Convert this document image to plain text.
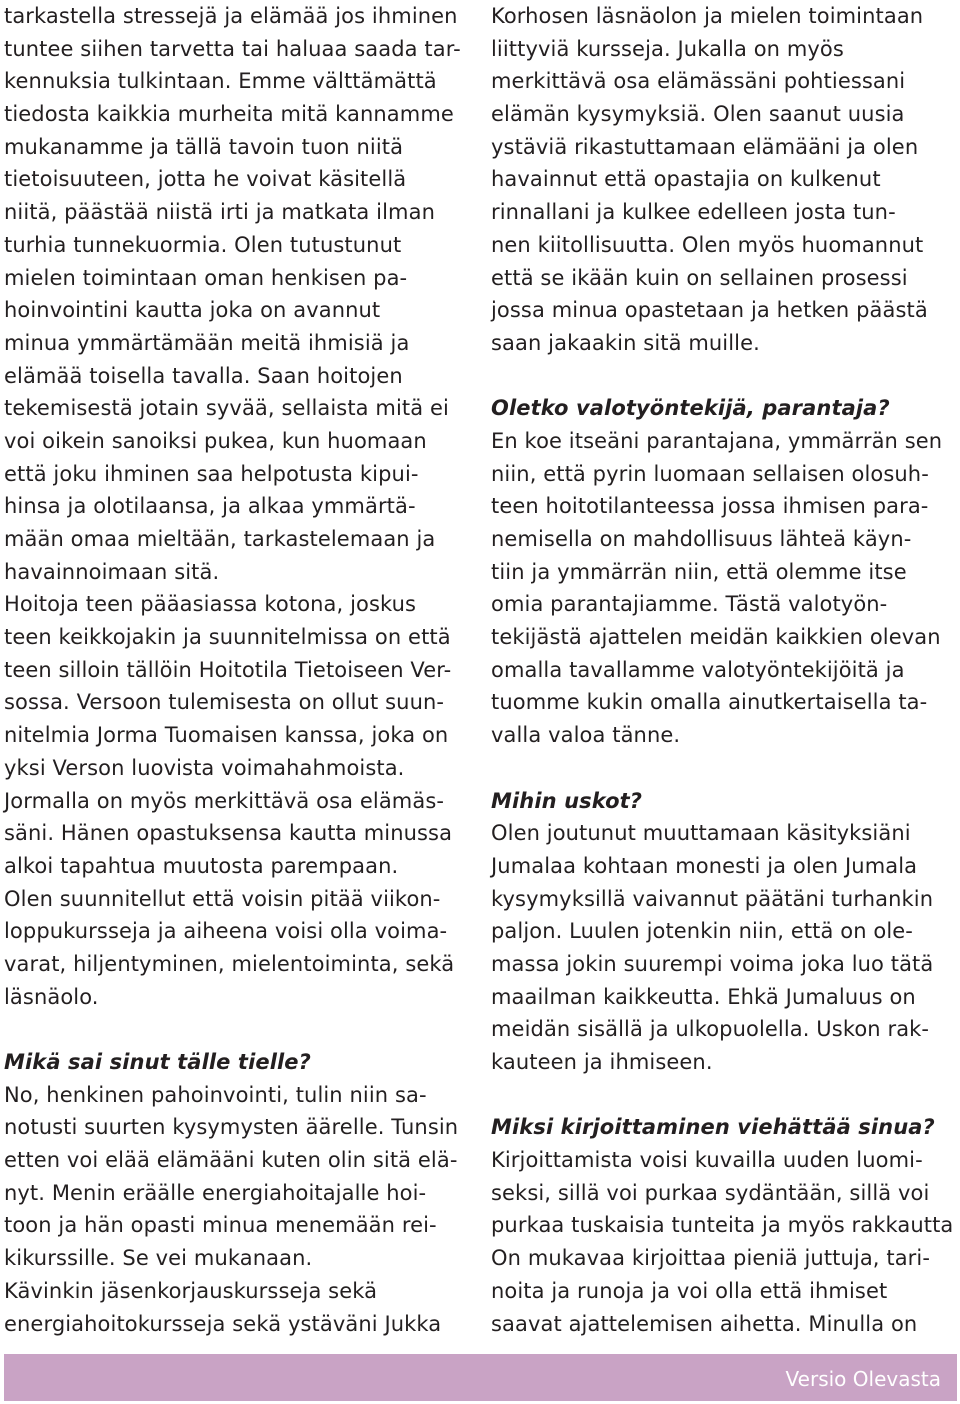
tarkastella stressejä ja elämää jos ihminen
tuntee siihen tarvetta tai haluaa saada tar-
kennuksia tulkintaan. Emme välttämättä
tiedosta kaikkia murheita mitä kannamme
mukanamme ja tällä tavoin tuon niitä
tietoisuuteen, jotta he voivat käsitellä
niitä, päästää niistä irti ja matkata ilman
turhia tunnekuormia. Olen tutustunut
mielen toimintaan oman henkisen pa-
hoinvointini kautta joka on avannut
minua ymmärtämään meitä ihmisiä ja
elämää toisella tavalla. Saan hoitojen
tekemisestä jotain syvää, sellaista mitä ei
voi oikein sanoiksi pukea, kun huomaan
että joku ihminen saa helpotusta kipui-
hinsa ja olotilaansa, ja alkaa ymmärtä-
mään omaa mieltään, tarkastelemaan ja
havainnoimaan sitä.
Hoitoja teen pääasiassa kotona, joskus
teen keikkojakin ja suunnitelmissa on että
teen silloin tällöin Hoitotila Tietoiseen Ver-
sossa. Versoon tulemisesta on ollut suun-
nitelmia Jorma Tuomaisen kanssa, joka on
yksi Verson luovista voimahahmoista.
Jormalla on myös merkittävä osa elämäs-
säni. Hänen opastuksensa kautta minussa
alkoi tapahtua muutosta parempaan.
Olen suunnitellut että voisin pitää viikon-
loppukursseja ja aiheena voisi olla voima-
varat, hiljentyminen, mielentoiminta, sekä
läsnäolo.
Mikä sai sinut tälle tielle?
No, henkinen pahoinvointi, tulin niin sa-
notusti suurten kysymysten äärelle. Tunsin
etten voi elää elämääni kuten olin sitä elä-
nyt. Menin eräälle energiahoitajalle hoi-
toon ja hän opasti minua menemään rei-
kikurssille. Se vei mukanaan.
Kävinkin jäsenkorjauskursseja sekä
energiahoitokursseja sekä ystäväni Jukka
Korhosen läsnäolon ja mielen toimintaan
liittyviä kursseja. Jukalla on myös
merkittävä osa elämässäni pohtiessani
elämän kysymyksiä. Olen saanut uusia
ystäviä rikastuttamaan elämääni ja olen
havainnut että opastajia on kulkenut
rinnallani ja kulkee edelleen josta tun-
nen kiitollisuutta. Olen myös huomannut
että se ikään kuin on sellainen prosessi
jossa minua opastetaan ja hetken päästä
saan jakaakin sitä muille.
Oletko valotyöntekijä, parantaja?
En koe itseäni parantajana, ymmärrän sen
niin, että pyrin luomaan sellaisen olosuh-
teen hoitotilanteessa jossa ihmisen para-
nemisella on mahdollisuus lähteä käyn-
tiin ja ymmärrän niin, että olemme itse
omia parantajiamme. Tästä valotyön-
tekijästä ajattelen meidän kaikkien olevan
omalla tavallamme valotyöntekijöitä ja
tuomme kukin omalla ainutkertaisella ta-
valla valoa tänne.
Mihin uskot?
Olen joutunut muuttamaan käsityksiäni
Jumalaa kohtaan monesti ja olen Jumala
kysymyksillä vaivannut päätäni turhankin
paljon. Luulen jotenkin niin, että on ole-
massa jokin suurempi voima joka luo tätä
maailman kaikkeutta. Ehkä Jumaluus on
meidän sisällä ja ulkopuolella. Uskon rak-
kauteen ja ihmiseen.
Miksi kirjoittaminen viehättää sinua?
Kirjoittamista voisi kuvailla uuden luomi-
seksi, sillä voi purkaa sydäntään, sillä voi
purkaa tuskaisia tunteita ja myös rakkautta
On mukavaa kirjoittaa pieniä juttuja, tari-
noita ja runoja ja voi olla että ihmiset
saavat ajattelemisen aihetta. Minulla on
Versio Olevasta
